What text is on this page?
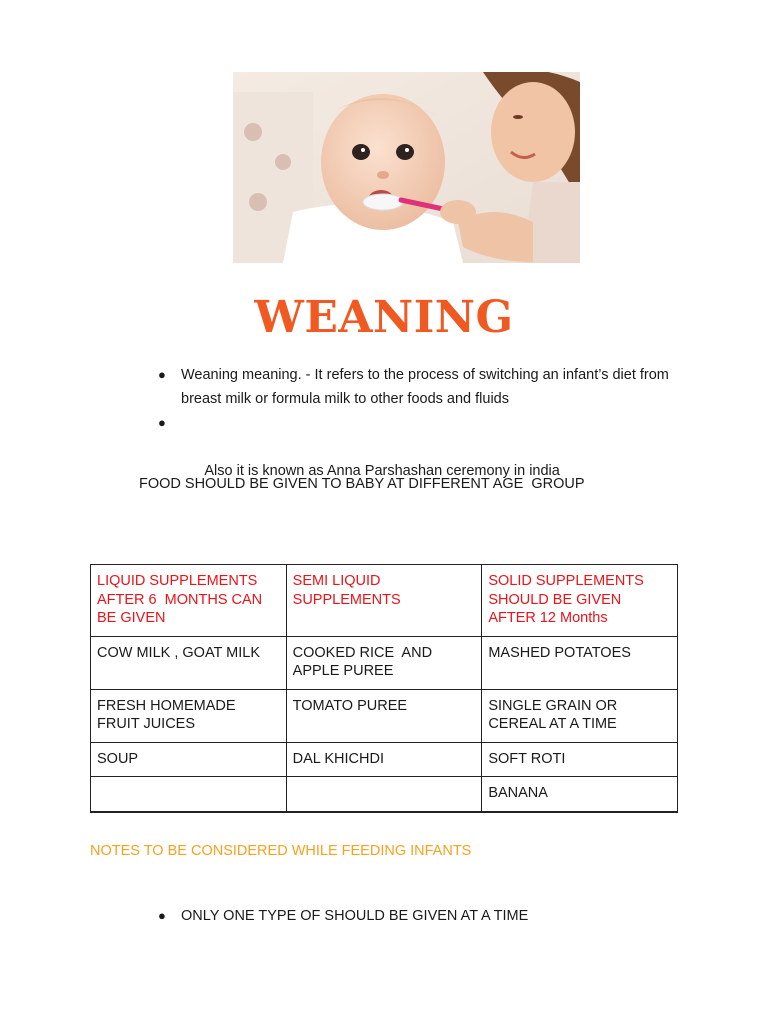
WEANING
● Weaning meaning. - It refers to the process of switching an infant’s diet from breast milk or formula milk to other foods and fluids

●

Also it is known as Anna Parshashan ceremony in india

FOOD SHOULD BE GIVEN TO BABY AT DIFFERENT AGE  GROUP
LIQUID SUPPLEMENTS AFTER 6  MONTHS CAN BE GIVEN	SEMI LIQUID SUPPLEMENTS	SOLID SUPPLEMENTS SHOULD BE GIVEN AFTER 12 Months
COW MILK , GOAT MILK	COOKED RICE  AND APPLE PUREE	MASHED POTATOES
FRESH HOMEMADE FRUIT JUICES	TOMATO PUREE	SINGLE GRAIN OR CEREAL AT A TIME
SOUP	DAL KHICHDI	SOFT ROTI
		BANANA
NOTES TO BE CONSIDERED WHILE FEEDING INFANTS
● ONLY ONE TYPE OF SHOULD BE GIVEN AT A TIME
